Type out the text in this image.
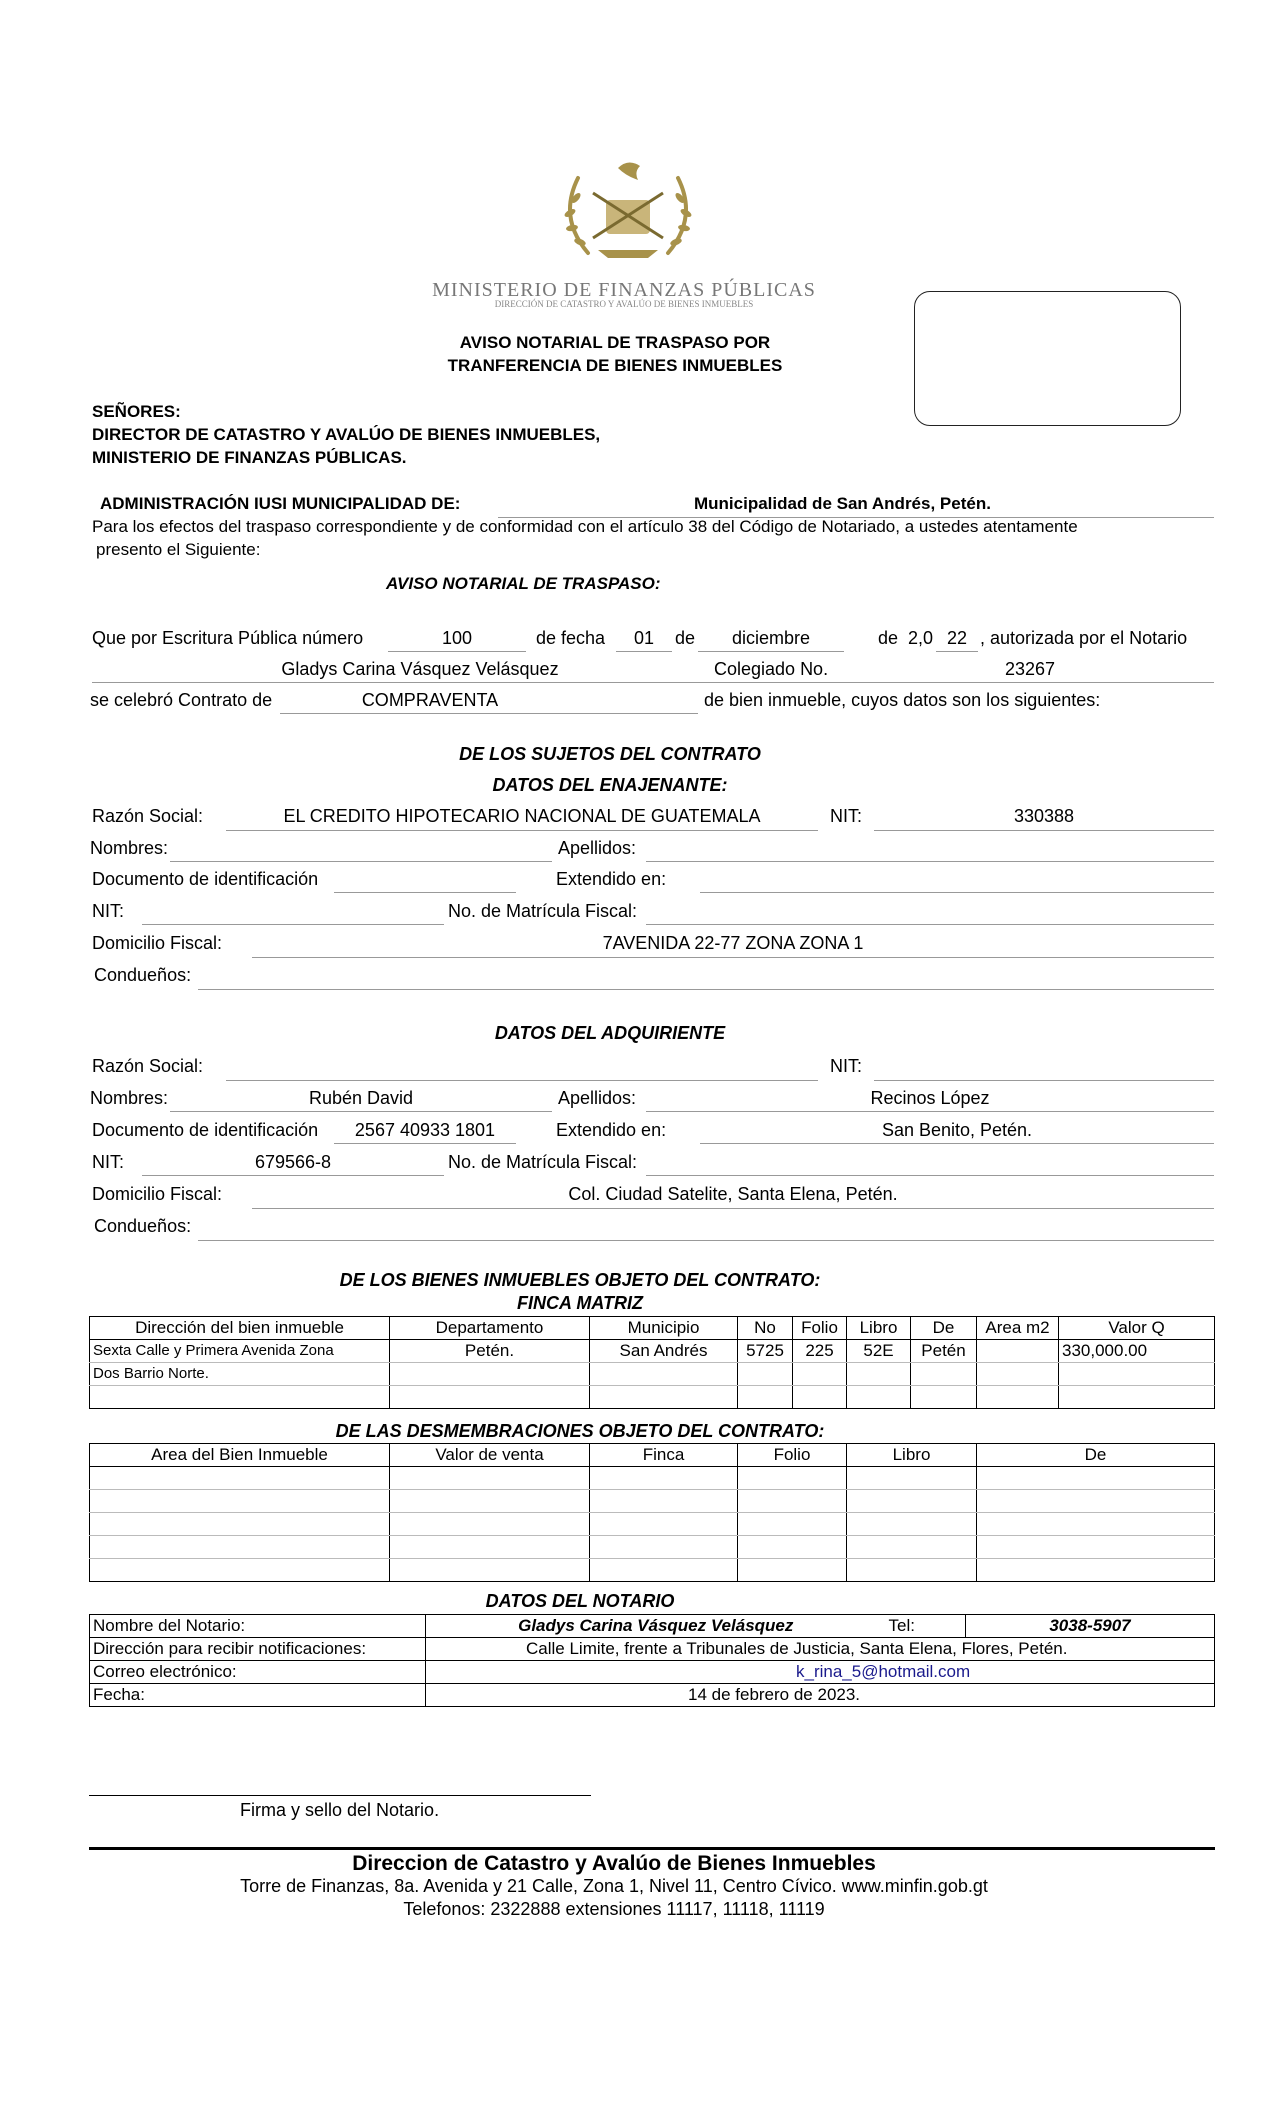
MINISTERIO DE FINANZAS PÚBLICAS
DIRECCIÓN DE CATASTRO Y AVALÚO DE BIENES INMUEBLES
AVISO NOTARIAL DE TRASPASO POR
TRANFERENCIA DE BIENES INMUEBLES
SEÑORES:
DIRECTOR DE CATASTRO Y AVALÚO DE BIENES INMUEBLES,
MINISTERIO DE FINANZAS PÚBLICAS.
ADMINISTRACIÓN IUSI MUNICIPALIDAD DE:	Municipalidad de San Andrés, Petén.
Para los efectos del traspaso correspondiente y de conformidad con el artículo 38 del Código de Notariado, a ustedes atentamente
presento el Siguiente:
AVISO NOTARIAL DE TRASPASO:
Que por Escritura Pública número	100	de fecha	01	de	diciembre	de 2,0 22 , autorizada por el Notario
Gladys Carina Vásquez Velásquez	Colegiado No.	23267
se celebró Contrato de	COMPRAVENTA	de bien inmueble, cuyos datos son los siguientes:
DE LOS SUJETOS DEL CONTRATO
DATOS DEL ENAJENANTE:
Razón Social:	EL CREDITO HIPOTECARIO NACIONAL DE GUATEMALA	NIT:	330388
Nombres:	Apellidos:
Documento de identificación	Extendido en:
NIT:	No. de Matrícula Fiscal:
Domicilio Fiscal:	7AVENIDA 22-77 ZONA ZONA 1
Condueños:
DATOS DEL ADQUIRIENTE
Razón Social:	NIT:
Nombres:	Rubén David	Apellidos:	Recinos López
Documento de identificación	2567 40933 1801	Extendido en:	San Benito, Petén.
NIT:	679566-8	No. de Matrícula Fiscal:
Domicilio Fiscal:	Col. Ciudad Satelite, Santa Elena, Petén.
Condueños:
DE LOS BIENES INMUEBLES OBJETO DEL CONTRATO:
FINCA MATRIZ
Dirección del bien inmueble	Departamento	Municipio	No	Folio	Libro	De	Area m2	Valor Q
Sexta Calle y Primera Avenida Zona	Petén.	San Andrés	5725	225	52E	Petén		330,000.00
Dos Barrio Norte.								

DE LAS DESMEMBRACIONES OBJETO DEL CONTRATO:
Area del Bien Inmueble	Valor de venta	Finca	Folio	Libro	De

DATOS DEL NOTARIO
Nombre del Notario:	Gladys Carina Vásquez Velásquez	Tel:	3038-5907
Dirección para recibir notificaciones:	Calle Limite, frente a Tribunales de Justicia, Santa Elena, Flores, Petén.		
Correo electrónico:	k_rina_5@hotmail.com		
Fecha:	14 de febrero de 2023.		
Firma y sello del Notario.
Direccion de Catastro y Avalúo de Bienes Inmuebles
Torre de Finanzas, 8a. Avenida y 21 Calle, Zona 1, Nivel 11, Centro Cívico. www.minfin.gob.gt
Telefonos: 2322888 extensiones 11117, 11118, 11119
